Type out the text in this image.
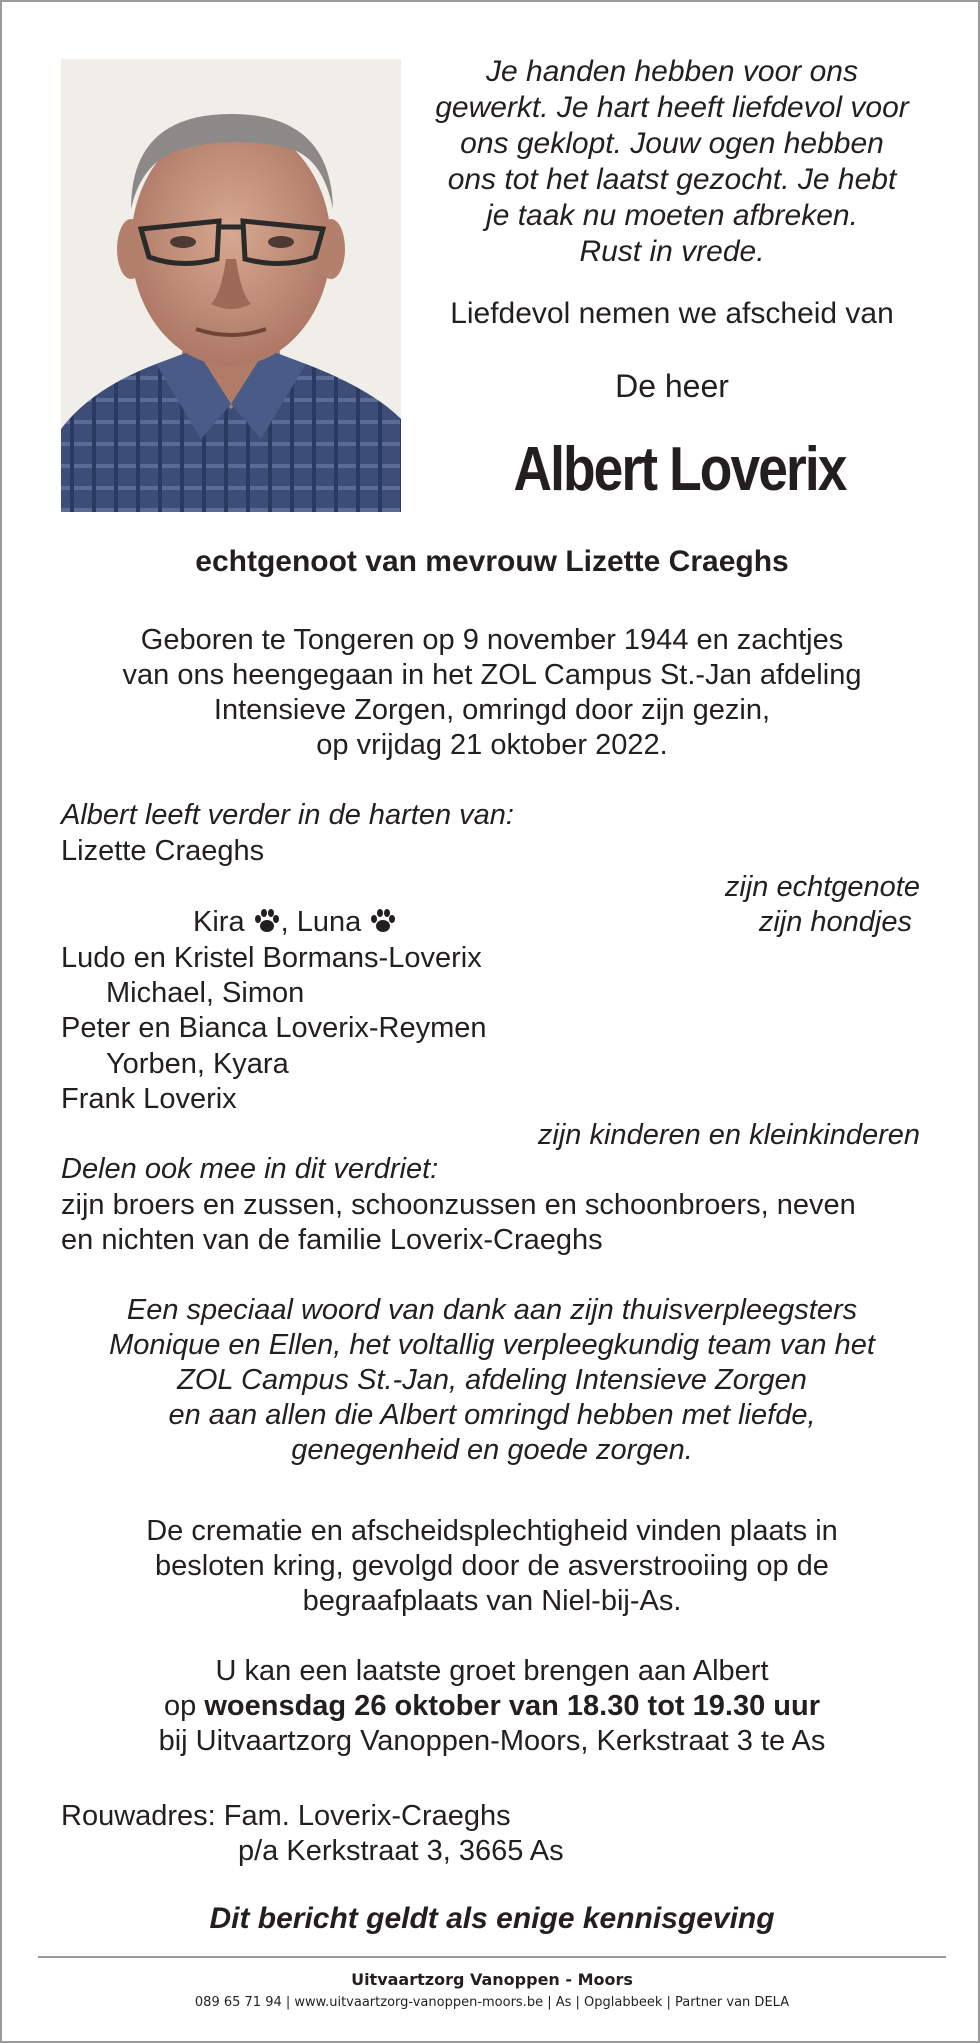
Je handen hebben voor ons
gewerkt. Je hart heeft liefdevol voor
ons geklopt. Jouw ogen hebben
ons tot het laatst gezocht. Je hebt
je taak nu moeten afbreken.
Rust in vrede.
Liefdevol nemen we afscheid van
De heer
Albert Loverix
echtgenoot van mevrouw Lizette Craeghs
Geboren te Tongeren op 9 november 1944 en zachtjes
van ons heengegaan in het ZOL Campus St.-Jan afdeling
Intensieve Zorgen, omringd door zijn gezin,
op vrijdag 21 oktober 2022.
Albert leeft verder in de harten van:
Lizette Craeghs
zijn echtgenote
Kira , Luna	zijn hondjes
Ludo en Kristel Bormans-Loverix
Michael, Simon
Peter en Bianca Loverix-Reymen
Yorben, Kyara
Frank Loverix
zijn kinderen en kleinkinderen
Delen ook mee in dit verdriet:
zijn broers en zussen, schoonzussen en schoonbroers, neven
en nichten van de familie Loverix-Craeghs
Een speciaal woord van dank aan zijn thuisverpleegsters
Monique en Ellen, het voltallig verpleegkundig team van het
ZOL Campus St.-Jan, afdeling Intensieve Zorgen
en aan allen die Albert omringd hebben met liefde,
genegenheid en goede zorgen.
De crematie en afscheidsplechtigheid vinden plaats in
besloten kring, gevolgd door de asverstrooiing op de
begraafplaats van Niel-bij-As.
U kan een laatste groet brengen aan Albert
op woensdag 26 oktober van 18.30 tot 19.30 uur
bij Uitvaartzorg Vanoppen-Moors, Kerkstraat 3 te As
Rouwadres: Fam. Loverix-Craeghs
p/a Kerkstraat 3, 3665 As
Dit bericht geldt als enige kennisgeving
Uitvaartzorg Vanoppen - Moors
089 65 71 94 | www.uitvaartzorg-vanoppen-moors.be | As | Opglabbeek | Partner van DELA
